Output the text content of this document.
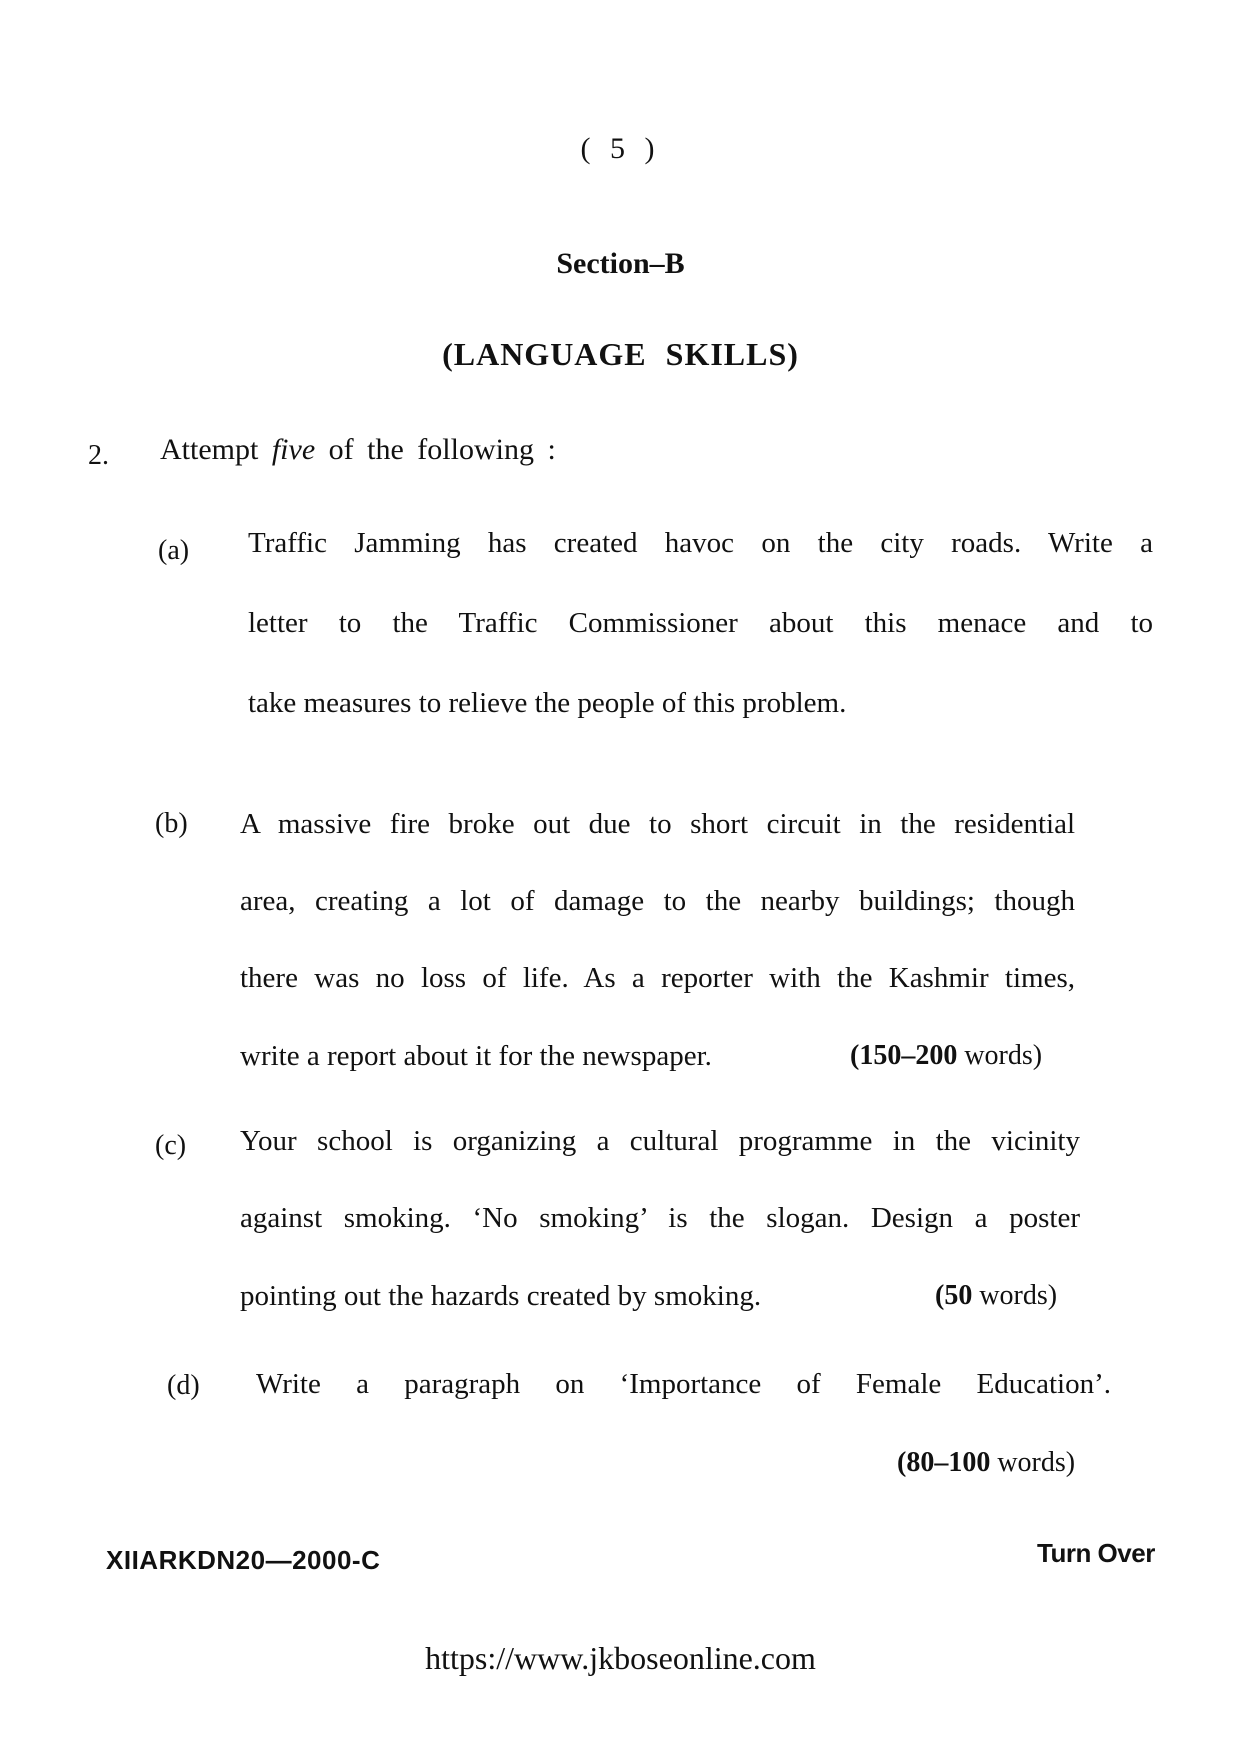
( 5 )
Section–B
(LANGUAGE SKILLS)
2. Attempt five of the following :
(a) Traffic Jamming has created havoc on the city roads. Write a
letter to the Traffic Commissioner about this menace and to
take measures to relieve the people of this problem.
(b) A massive fire broke out due to short circuit in the residential
area, creating a lot of damage to the nearby buildings; though
there was no loss of life. As a reporter with the Kashmir times,
write a report about it for the newspaper.	(150–200 words)
(c) Your school is organizing a cultural programme in the vicinity
against smoking. ‘No smoking’ is the slogan. Design a poster
pointing out the hazards created by smoking.	(50 words)
(d) Write a paragraph on ‘Importance of Female Education’.
(80–100 words)
XIIARKDN20—2000-C	Turn Over
https://www.jkboseonline.com
